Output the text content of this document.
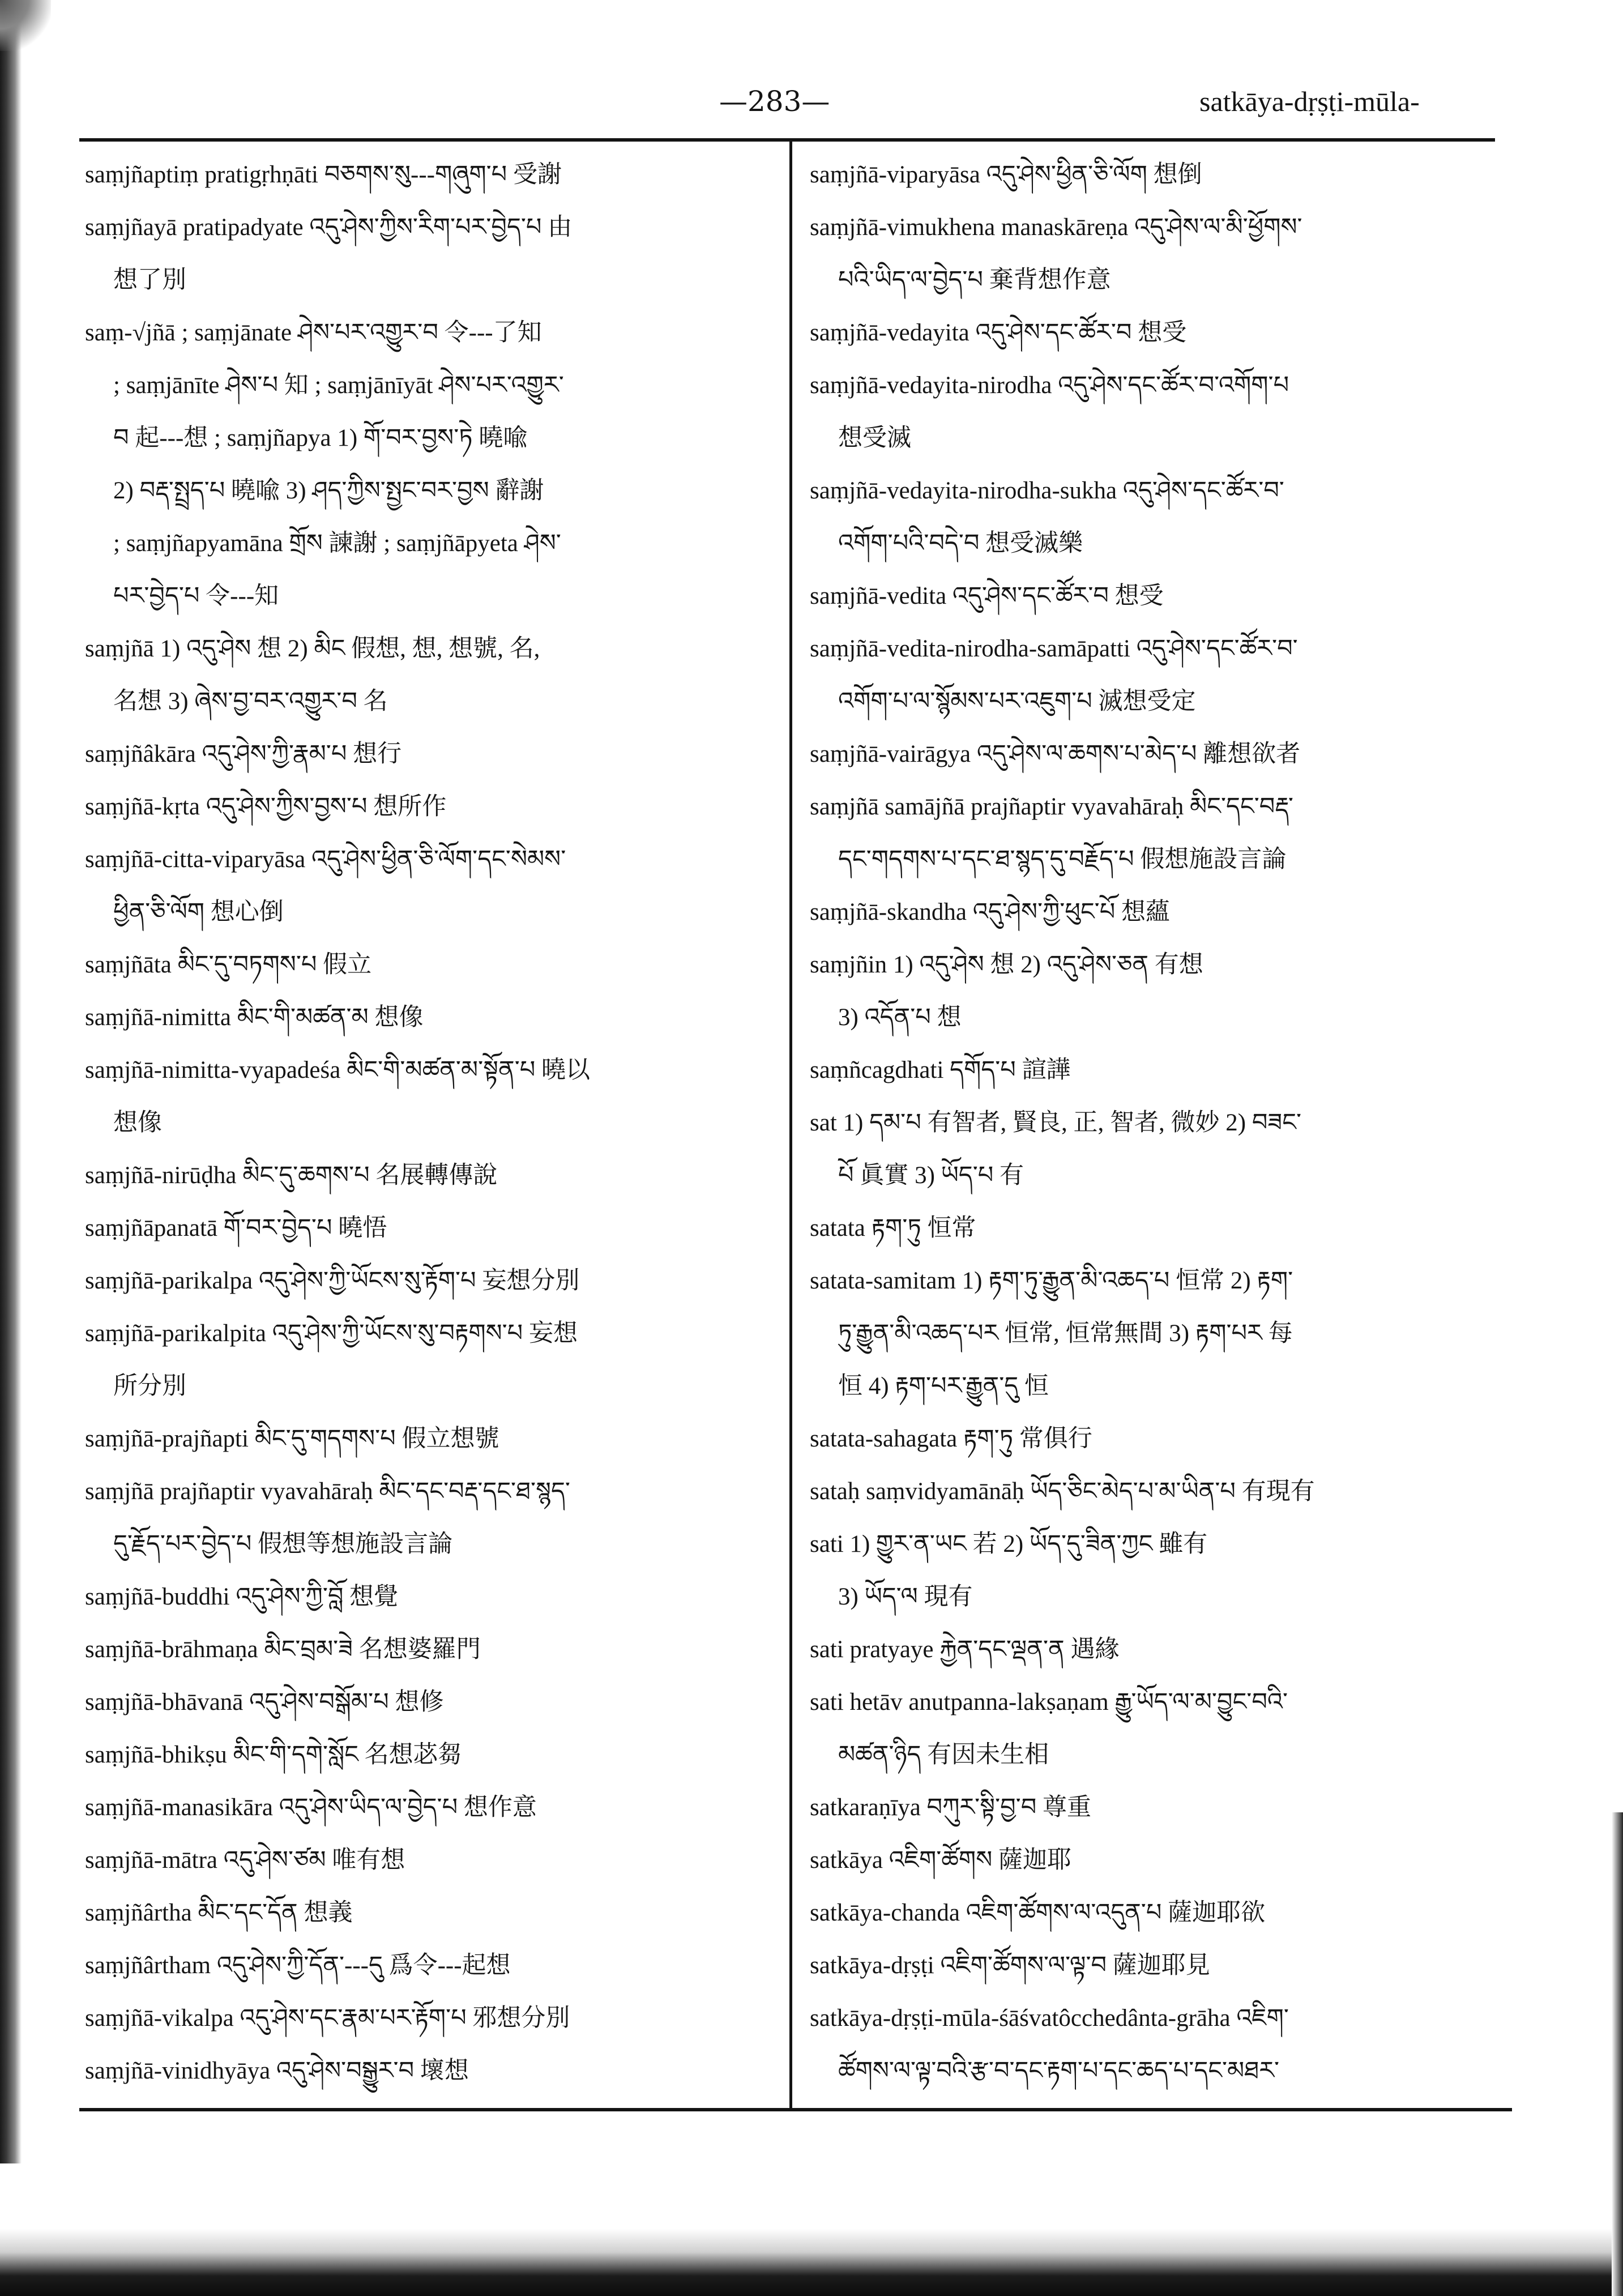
—283—	satkāya-dṛṣṭi-mūla-
saṃjñaptiṃ pratigṛhṇāti བཅགས་སུ---གཞུག་པ 受謝
saṃjñayā pratipadyate འདུ་ཤེས་ཀྱིས་རིག་པར་བྱེད་པ 由
想了別
saṃ-√jñā ; saṃjānate ཤེས་པར་འགྱུར་བ 令---了知
; saṃjānīte ཤེས་པ 知 ; saṃjānīyāt ཤེས་པར་འགྱུར་
བ 起---想 ; saṃjñapya 1) གོ་བར་བྱས་ཏེ 曉喩
2) བརྡ་སྤྲད་པ 曉喩 3) ཤད་ཀྱིས་སྤྱང་བར་བྱས 辭謝
; saṃjñapyamāna གྲོས 諫謝 ; saṃjñāpyeta ཤེས་
པར་བྱེད་པ 令---知
saṃjñā 1) འདུ་ཤེས 想 2) མིང 假想, 想, 想號, 名,
名想 3) ཞེས་བྱ་བར་འགྱུར་བ 名
saṃjñâkāra འདུ་ཤེས་ཀྱི་རྣམ་པ 想行
saṃjñā-kṛta འདུ་ཤེས་ཀྱིས་བྱས་པ 想所作
saṃjñā-citta-viparyāsa འདུ་ཤེས་ཕྱིན་ཅི་ལོག་དང་སེམས་
ཕྱིན་ཅི་ལོག 想心倒
saṃjñāta མིང་དུ་བཏགས་པ 假立
saṃjñā-nimitta མིང་གི་མཚན་མ 想像
saṃjñā-nimitta-vyapadeśa མིང་གི་མཚན་མ་སྟོན་པ 曉以
想像
saṃjñā-nirūḍha མིང་དུ་ཆགས་པ 名展轉傳說
saṃjñāpanatā གོ་བར་བྱེད་པ 曉悟
saṃjñā-parikalpa འདུ་ཤེས་ཀྱི་ཡོངས་སུ་རྟོག་པ 妄想分別
saṃjñā-parikalpita འདུ་ཤེས་ཀྱི་ཡོངས་སུ་བརྟགས་པ 妄想
所分別
saṃjñā-prajñapti མིང་དུ་གདགས་པ 假立想號
saṃjñā prajñaptir vyavahāraḥ མིང་དང་བརྡ་དང་ཐ་སྙད་
དུ་རྗོད་པར་བྱེད་པ 假想等想施設言論
saṃjñā-buddhi འདུ་ཤེས་ཀྱི་བློ 想覺
saṃjñā-brāhmaṇa མིང་བྲམ་ཟེ 名想婆羅門
saṃjñā-bhāvanā འདུ་ཤེས་བསྒོམ་པ 想修
saṃjñā-bhikṣu མིང་གི་དགེ་སློང 名想苾芻
saṃjñā-manasikāra འདུ་ཤེས་ཡིད་ལ་བྱེད་པ 想作意
saṃjñā-mātra འདུ་ཤེས་ཙམ 唯有想
saṃjñârtha མིང་དང་དོན 想義
saṃjñârtham འདུ་ཤེས་ཀྱི་དོན་---དུ 爲令---起想
saṃjñā-vikalpa འདུ་ཤེས་དང་རྣམ་པར་རྟོག་པ 邪想分別
saṃjñā-vinidhyāya འདུ་ཤེས་བསྒྱུར་བ 壞想
saṃjñā-viparyāsa འདུ་ཤེས་ཕྱིན་ཅི་ལོག 想倒
saṃjñā-vimukhena manaskāreṇa འདུ་ཤེས་ལ་མི་ཕྱོགས་
པའི་ཡིད་ལ་བྱེད་པ 棄背想作意
saṃjñā-vedayita འདུ་ཤེས་དང་ཚོར་བ 想受
saṃjñā-vedayita-nirodha འདུ་ཤེས་དང་ཚོར་བ་འགོག་པ
想受滅
saṃjñā-vedayita-nirodha-sukha འདུ་ཤེས་དང་ཚོར་བ་
འགོག་པའི་བདེ་བ 想受滅樂
saṃjñā-vedita འདུ་ཤེས་དང་ཚོར་བ 想受
saṃjñā-vedita-nirodha-samāpatti འདུ་ཤེས་དང་ཚོར་བ་
འགོག་པ་ལ་སྙོམས་པར་འཇུག་པ 滅想受定
saṃjñā-vairāgya འདུ་ཤེས་ལ་ཆགས་པ་མེད་པ 離想欲者
saṃjñā samājñā prajñaptir vyavahāraḥ མིང་དང་བརྡ་
དང་གདགས་པ་དང་ཐ་སྙད་དུ་བརྗོད་པ 假想施設言論
saṃjñā-skandha འདུ་ཤེས་ཀྱི་ཕུང་པོ 想蘊
saṃjñin 1) འདུ་ཤེས 想 2) འདུ་ཤེས་ཅན 有想
3) འདོན་པ 想
saṃñcagdhati དགོད་པ 諠譁
sat 1) དམ་པ 有智者, 賢良, 正, 智者, 微妙 2) བཟང་
པོ 眞實 3) ཡོད་པ 有
satata རྟག་ཏུ 恒常
satata-samitam 1) རྟག་ཏུ་རྒྱུན་མི་འཆད་པ 恒常 2) རྟག་
ཏུ་རྒྱུན་མི་འཆད་པར 恒常, 恒常無間 3) རྟག་པར 每
恒 4) རྟག་པར་རྒྱུན་དུ 恒
satata-sahagata རྟག་ཏུ 常俱行
sataḥ saṃvidyamānāḥ ཡོད་ཅིང་མེད་པ་མ་ཡིན་པ 有現有
sati 1) གྱུར་ན་ཡང 若 2) ཡོད་དུ་ཟིན་ཀྱང 雖有
3) ཡོད་ལ 現有
sati pratyaye རྐྱེན་དང་ལྡན་ན 遇緣
sati hetāv anutpanna-lakṣaṇam རྒྱུ་ཡོད་ལ་མ་བྱུང་བའི་
མཚན་ཉིད 有因未生相
satkaraṇīya བཀུར་སྟི་བྱ་བ 尊重
satkāya འཇིག་ཚོགས 薩迦耶
satkāya-chanda འཇིག་ཚོགས་ལ་འདུན་པ 薩迦耶欲
satkāya-dṛṣṭi འཇིག་ཚོགས་ལ་ལྟ་བ 薩迦耶見
satkāya-dṛṣṭi-mūla-śāśvatôcchedânta-grāha འཇིག་
ཚོགས་ལ་ལྟ་བའི་རྩ་བ་དང་རྟག་པ་དང་ཆད་པ་དང་མཐར་
